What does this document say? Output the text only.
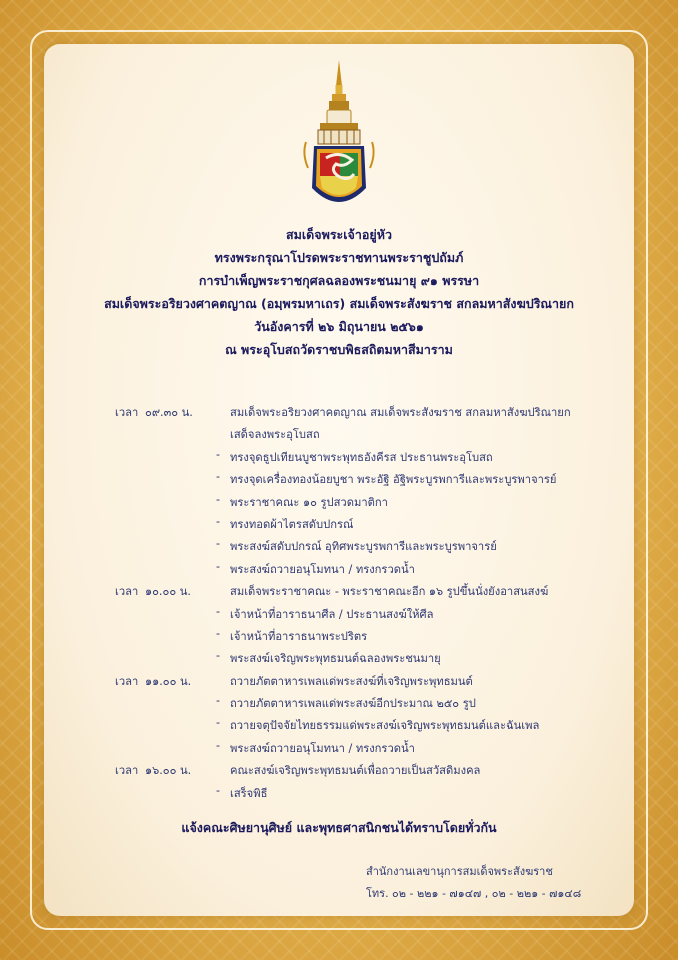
สมเด็จพระเจ้าอยู่หัว
ทรงพระกรุณาโปรดพระราชทานพระราชูปถัมภ์
การบำเพ็ญพระราชกุศลฉลองพระชนมายุ ๙๑ พรรษา
สมเด็จพระอริยวงศาคตญาณ (อมฺพรมหาเถร) สมเด็จพระสังฆราช สกลมหาสังฆปริณายก
วันอังคารที่ ๒๖ มิถุนายน ๒๕๖๑
ณ พระอุโบสถวัดราชบพิธสถิตมหาสีมาราม
เวลา ๐๙.๓๐ น.	สมเด็จพระอริยวงศาคตญาณ สมเด็จพระสังฆราช สกลมหาสังฆปริณายก
เสด็จลงพระอุโบสถ
- ทรงจุดธูปเทียนบูชาพระพุทธอังคีรส ประธานพระอุโบสถ
- ทรงจุดเครื่องทองน้อยบูชา พระอัฐิ อัฐิพระบูรพการีและพระบูรพาจารย์
- พระราชาคณะ ๑๐ รูปสวดมาติกา
- ทรงทอดผ้าไตรสดับปกรณ์
- พระสงฆ์สดับปกรณ์ อุทิศพระบูรพการีและพระบูรพาจารย์
- พระสงฆ์ถวายอนุโมทนา / ทรงกรวดน้ำ
เวลา ๑๐.๐๐ น.	สมเด็จพระราชาคณะ - พระราชาคณะอีก ๑๖ รูปขึ้นนั่งยังอาสนสงฆ์
- เจ้าหน้าที่อาราธนาศีล / ประธานสงฆ์ให้ศีล
- เจ้าหน้าที่อาราธนาพระปริตร
- พระสงฆ์เจริญพระพุทธมนต์ฉลองพระชนมายุ
เวลา ๑๑.๐๐ น.	ถวายภัตตาหารเพลแด่พระสงฆ์ที่เจริญพระพุทธมนต์
- ถวายภัตตาหารเพลแด่พระสงฆ์อีกประมาณ ๒๕๐ รูป
- ถวายจตุปัจจัยไทยธรรมแด่พระสงฆ์เจริญพระพุทธมนต์และฉันเพล
- พระสงฆ์ถวายอนุโมทนา / ทรงกรวดน้ำ
เวลา ๑๖.๐๐ น.	คณะสงฆ์เจริญพระพุทธมนต์เพื่อถวายเป็นสวัสดิมงคล
- เสร็จพิธี
แจ้งคณะศิษยานุศิษย์ และพุทธศาสนิกชนได้ทราบโดยทั่วกัน
สำนักงานเลขานุการสมเด็จพระสังฆราช
โทร. ๐๒ - ๒๒๑ - ๗๑๔๗ , ๐๒ - ๒๒๑ - ๗๑๔๘
